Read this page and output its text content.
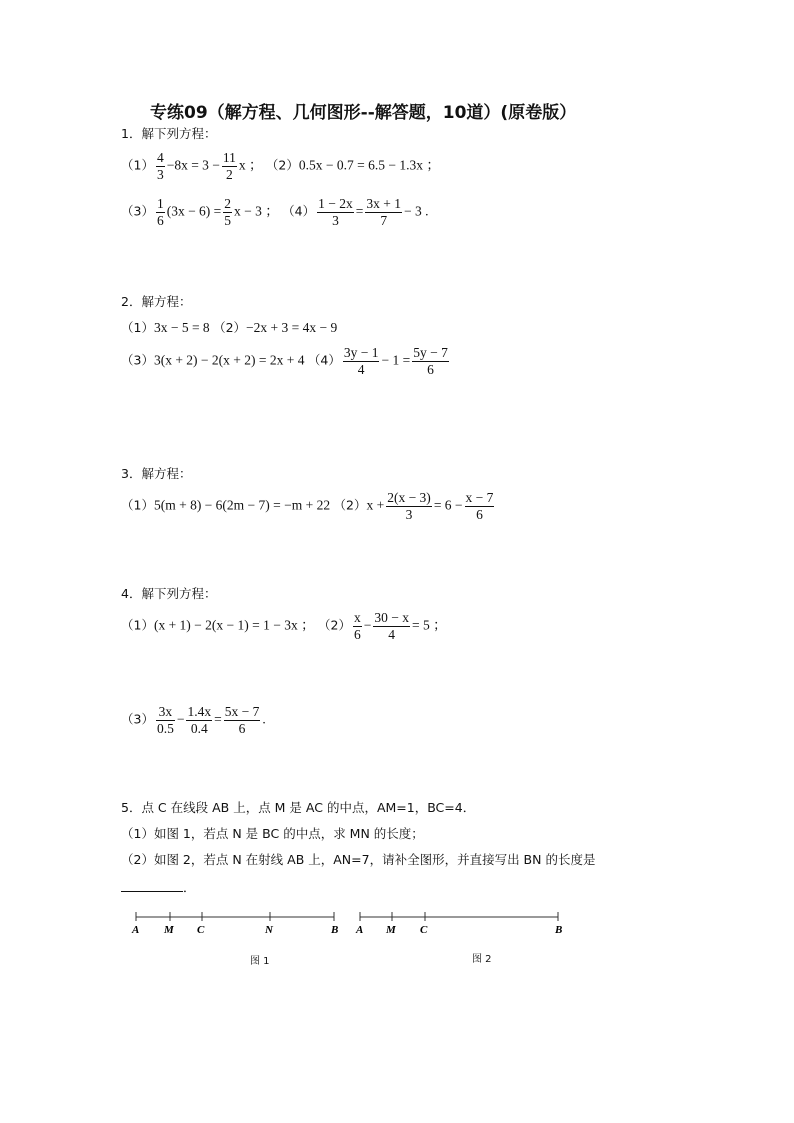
专练09（解方程、几何图形--解答题，10道）(原卷版）
1．解下列方程：
$(1) \frac{4}{3} -8x = 3 - \frac{11}{2}$ x ； （2）0.5x − 0.7 = 6.5 − 1.3x ；
$(3) \frac{1}{6} (3x - 6) = \frac{2}{5}$ x − 3 ； $(4) \frac{1 - 2x}{3} = \frac{3x + 1}{7} - 3$ .
2．解方程：
（1）3x − 5 = 8 （2）−2x + 3 = 4x − 9
（3）3(x + 2) − 2(x + 2) = 2x + 4 $(4) \frac{3y - 1}{4} - 1 = \frac{5y - 7}{6}$
3．解方程：
（1）5(m + 8) − 6(2m − 7) = −m + 22 $(2)x + \frac{2(x - 3)}{3} = 6 - \frac{x - 7}{6}$
4．解下列方程：
（1）(x + 1) − 2(x − 1) = 1 − 3x ； $(2) \frac{x}{6} - \frac{30 - x}{4} = 5$ ；
$(3) \frac{3x}{0.5} - \frac{1.4x}{0.4} = \frac{5x - 7}{6}$ .
5．点 C 在线段 AB 上，点 M 是 AC 的中点，AM=1，BC=4．
（1）如图 1，若点 N 是 BC 的中点，求 MN 的长度；
（2）如图 2，若点 N 在射线 AB 上，AN=7，请补全图形，并直接写出 BN 的长度是
．
A M C	N	B
图 1
A M C	B
图 2
